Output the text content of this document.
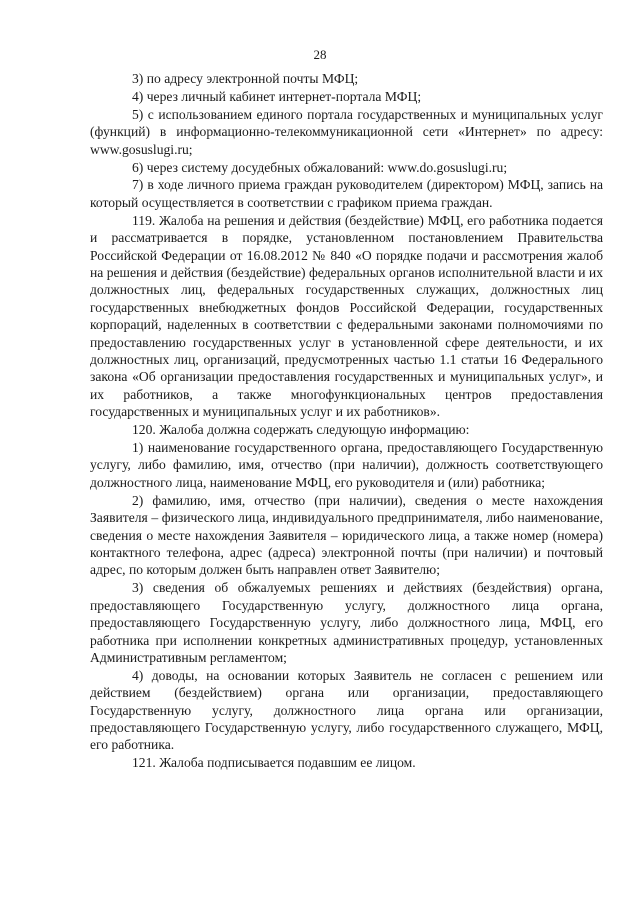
28

3) по адресу электронной почты МФЦ;

4) через личный кабинет интернет-портала МФЦ;

5) с использованием единого портала государственных и муниципальных услуг (функций) в информационно-телекоммуникационной сети «Интернет» по адресу: www.gosuslugi.ru;

6) через систему досудебных обжалований: www.do.gosuslugi.ru;

7) в ходе личного приема граждан руководителем (директором) МФЦ, запись на который осуществляется в соответствии с графиком приема граждан.

119. Жалоба на решения и действия (бездействие) МФЦ, его работника подается и рассматривается в порядке, установленном постановлением Правительства Российской Федерации от 16.08.2012 № 840 «О порядке подачи и рассмотрения жалоб на решения и действия (бездействие) федеральных органов исполнительной власти и их должностных лиц, федеральных государственных служащих, должностных лиц государственных внебюджетных фондов Российской Федерации, государственных корпораций, наделенных в соответствии с федеральными законами полномочиями по предоставлению государственных услуг в установленной сфере деятельности, и их должностных лиц, организаций, предусмотренных частью 1.1 статьи 16 Федерального закона «Об организации предоставления государственных и муниципальных услуг», и их работников, а также многофункциональных центров предоставления государственных и муниципальных услуг и их работников».

120. Жалоба должна содержать следующую информацию:

1) наименование государственного органа, предоставляющего Государственную услугу, либо фамилию, имя, отчество (при наличии), должность соответствующего должностного лица, наименование МФЦ, его руководителя и (или) работника;

2) фамилию, имя, отчество (при наличии), сведения о месте нахождения Заявителя – физического лица, индивидуального предпринимателя, либо наименование, сведения о месте нахождения Заявителя – юридического лица, а также номер (номера) контактного телефона, адрес (адреса) электронной почты (при наличии) и почтовый адрес, по которым должен быть направлен ответ Заявителю;

3) сведения об обжалуемых решениях и действиях (бездействия) органа, предоставляющего Государственную услугу, должностного лица органа, предоставляющего Государственную услугу, либо должностного лица, МФЦ, его работника при исполнении конкретных административных процедур, установленных Административным регламентом;

4) доводы, на основании которых Заявитель не согласен с решением или действием (бездействием) органа или организации, предоставляющего Государственную услугу, должностного лица органа или организации, предоставляющего Государственную услугу, либо государственного служащего, МФЦ, его работника.

121. Жалоба подписывается подавшим ее лицом.
